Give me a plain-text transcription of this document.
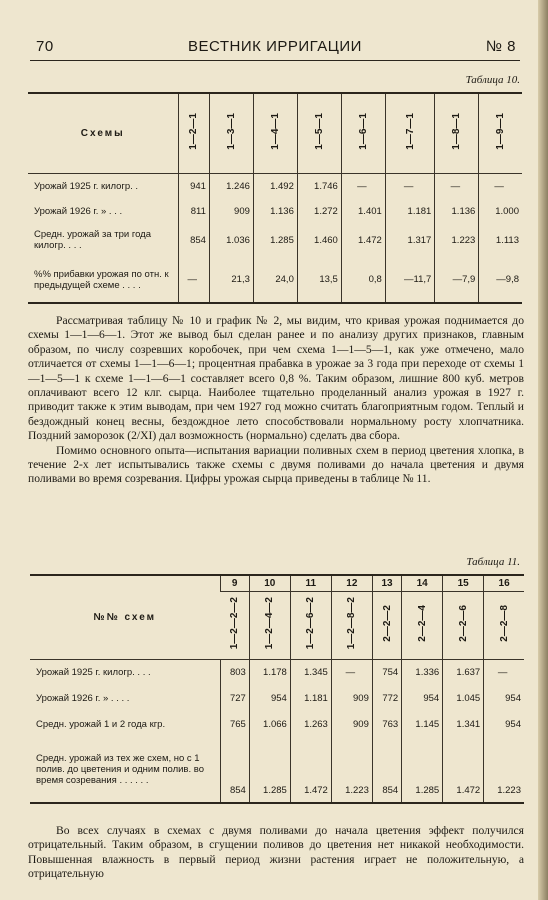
70	ВЕСТНИК ИРРИГАЦИИ	№ 8
Таблица 10.
Схемы	1—2—1	1—3—1	1—4—1	1—5—1	1—6—1	1—7—1	1—8—1	1—9—1
Урожай 1925 г. килогр. .	941	1.246	1.492	1.746	—	—	—	—
Урожай 1926 г. » . . .	811	909	1.136	1.272	1.401	1.181	1.136	1.000
Средн. урожай за три года килогр. . . .	854	1.036	1.285	1.460	1.472	1.317	1.223	1.113
%% прибавки урожая по отн. к предыдущей схеме . . . .	—	21,3	24,0	13,5	0,8	—11,7	—7,9	—9,8

Рассматривая таблицу № 10 и график № 2, мы видим, что кривая урожая поднимается до схемы 1—1—6—1. Этот же вывод был сделан ранее и по анализу других признаков, главным образом, по числу созревших коробочек, при чем схема 1—1—5—1, как уже отмечено, мало отличается от схемы 1—1—6—1; процентная прабавка в урожае за 3 года при переходе от схемы 1—1—5—1 к схеме 1—1—6—1 составляет всего 0,8 %. Таким образом, лишние 800 куб. метров оплачивают всего 12 клг. сырца. Наиболее тщательно проделанный анализ урожая в 1927 г. приводит также к этим выводам, при чем 1927 год можно считать благоприятным годом. Теплый и бездождный конец весны, бездождное лето способствовали нормальному росту хлопчатника. Поздний заморозок (2/XI) дал возможность (нормально) сделать два сбора.

Помимо основного опыта—испытания вариации поливных схем в период цветения хлопка, в течение 2-х лет испытывались также схемы с двумя поливами до начала цветения и двумя поливами во время созревания. Цифры урожая сырца приведены в таблице № 11.

Таблица 11.
№№ схем	9	10	11	12	13	14	15	16
	1—2—2—2	1—2—4—2	1—2—6—2	1—2—8—2	2—2—2	2—2—4	2—2—6	2—2—8
Урожай 1925 г. килогр. . . .	803	1.178	1.345	—	754	1.336	1.637	—
Урожай 1926 г. » . . . .	727	954	1.181	909	772	954	1.045	954
Средн. урожай 1 и 2 года кгр.	765	1.066	1.263	909	763	1.145	1.341	954
Средн. урожай из тех же схем, но с 1 полив. до цветения и одним полив. во время созревания . . . . . .	854	1.285	1.472	1.223	854	1.285	1.472	1.223

Во всех случаях в схемах с двумя поливами до начала цветения эффект получился отрицательный. Таким образом, в сгущении поливов до цветения нет никакой необходимости. Повышенная влажность в первый период жизни растения играет не положительную, а отрицательную
